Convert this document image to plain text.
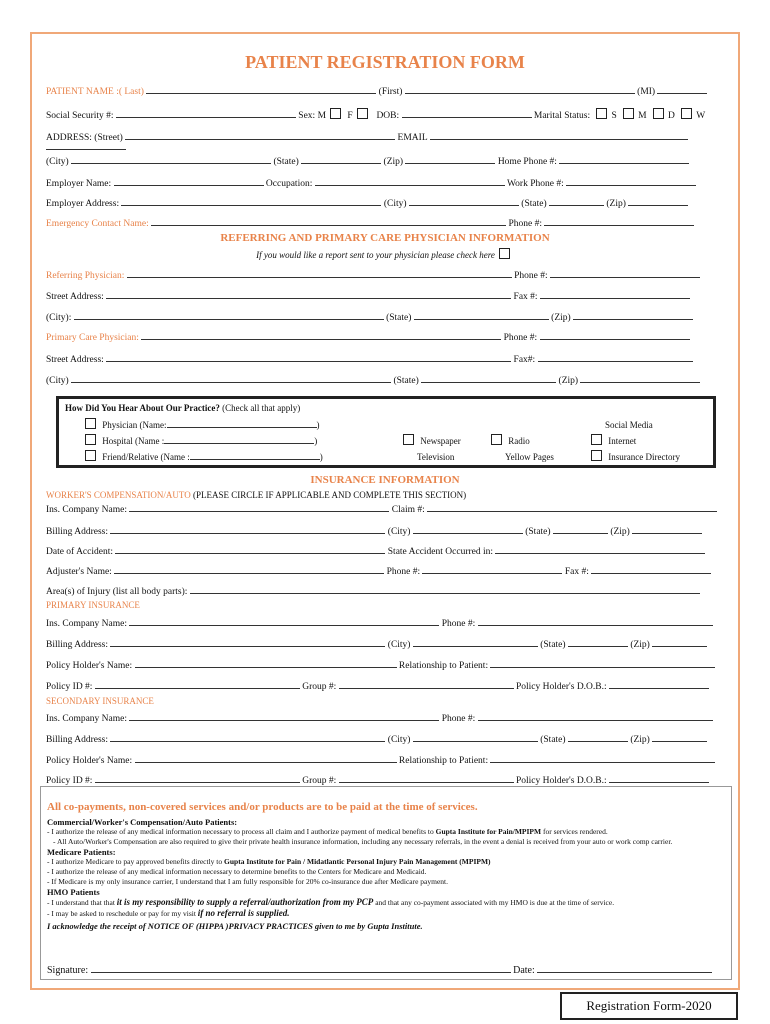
PATIENT REGISTRATION FORM
PATIENT NAME :( Last)	(First)	(MI)
Social Security #:	Sex: M F	DOB:	Marital Status: S M D W
ADDRESS: (Street)	EMAIL
(City)	(State)	(Zip)	Home Phone #:
Employer Name:	Occupation:	Work Phone #:
Employer Address:	(City)	(State)	(Zip)
Emergency Contact Name:	Phone #:
REFERRING AND PRIMARY CARE PHYSICIAN INFORMATION
If you would like a report sent to your physician please check here
Referring Physician:	Phone #:
Street Address:	Fax #:
(City):	(State)	(Zip)
Primary Care Physician:	Phone #:
Street Address:	Fax#:
(City)	(State)	(Zip)
How Did You Hear About Our Practice? (Check all that apply)
Physician (Name:	)
Hospital (Name :	)
Friend/Relative (Name :	)
Newspaper
Television
Radio
Yellow Pages
Social Media
Internet
Insurance Directory
INSURANCE INFORMATION
WORKER'S COMPENSATION/AUTO (PLEASE CIRCLE IF APPLICABLE AND COMPLETE THIS SECTION)
Ins. Company Name:	Claim #:
Billing Address:	(City)	(State)	(Zip)
Date of Accident:	State Accident Occurred in:
Adjuster's Name:	Phone #:	Fax #:
Area(s) of Injury (list all body parts):
PRIMARY INSURANCE
Ins. Company Name:	Phone #:
Billing Address:	(City)	(State)	(Zip)
Policy Holder's Name:	Relationship to Patient:
Policy ID #:	Group #:	Policy Holder's D.O.B.:
SECONDARY INSURANCE
Ins. Company Name:	Phone #:
Billing Address:	(City)	(State)	(Zip)
Policy Holder's Name:	Relationship to Patient:
Policy ID #:	Group #:	Policy Holder's D.O.B.:
All co-payments, non-covered services and/or products are to be paid at the time of services.
Commercial/Worker's Compensation/Auto Patients:
- I authorize the release of any medical information necessary to process all claim and I authorize payment of medical benefits to Gupta Institute for Pain/MPIPM for services rendered.
- All Auto/Worker's Compensation are also required to give their private health insurance information, including any necessary referrals, in the event a denial is received from your auto or work comp carrier.
Medicare Patients:
- I authorize Medicare to pay approved benefits directly to Gupta Institute for Pain / Midatlantic Personal Injury Pain Management (MPIPM)
- I authorize the release of any medical information necessary to determine benefits to the Centers for Medicare and Medicaid.
- If Medicare is my only insurance carrier, I understand that I am fully responsible for 20% co-insurance due after Medicare payment.
HMO Patients
- I understand that that it is my responsibility to supply a referral/authorization from my PCP and that any co-payment associated with my HMO is due at the time of service.
- I may be asked to reschedule or pay for my visit if no referral is supplied.
I acknowledge the receipt of NOTICE OF (HIPPA )PRIVACY PRACTICES given to me by Gupta Institute.
Signature:	Date:
Registration Form-2020
